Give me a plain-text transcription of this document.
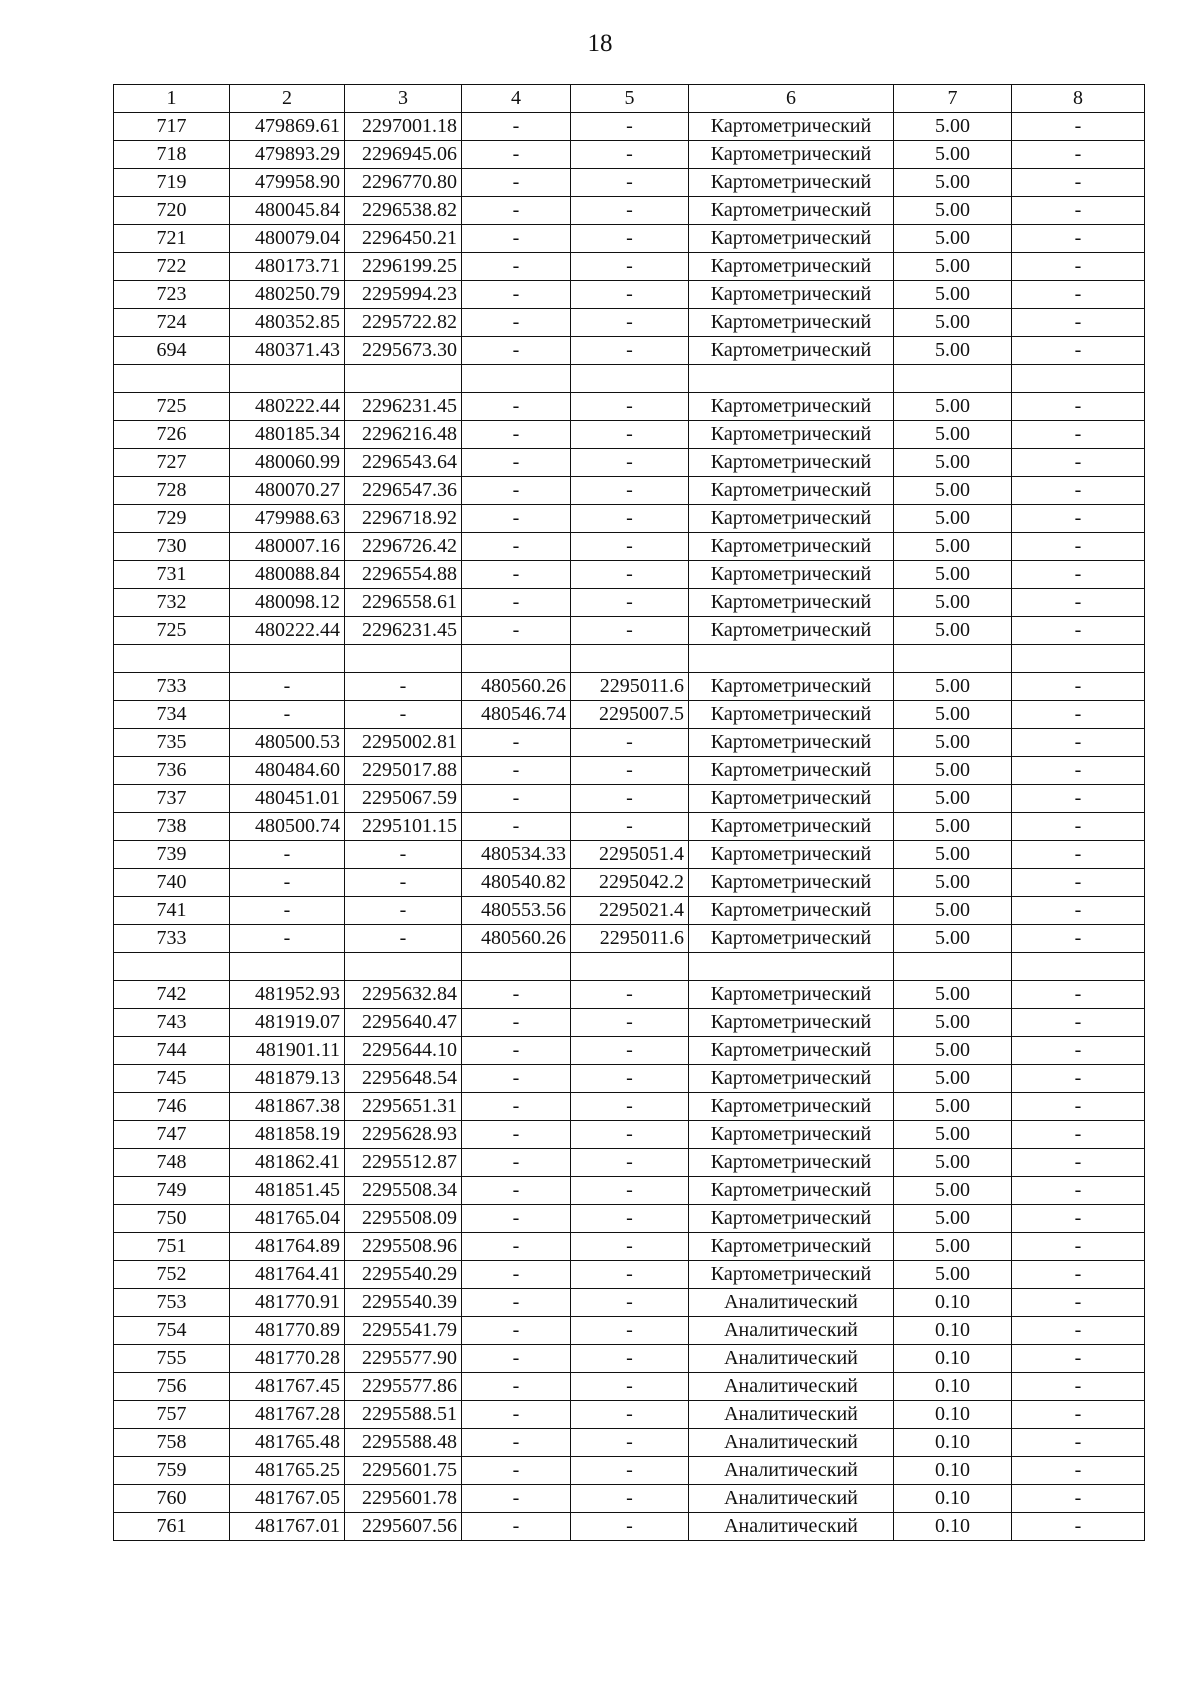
18
1	2	3	4	5	6	7	8
717	479869.61	2297001.18	-	-	Картометрический	5.00	-
718	479893.29	2296945.06	-	-	Картометрический	5.00	-
719	479958.90	2296770.80	-	-	Картометрический	5.00	-
720	480045.84	2296538.82	-	-	Картометрический	5.00	-
721	480079.04	2296450.21	-	-	Картометрический	5.00	-
722	480173.71	2296199.25	-	-	Картометрический	5.00	-
723	480250.79	2295994.23	-	-	Картометрический	5.00	-
724	480352.85	2295722.82	-	-	Картометрический	5.00	-
694	480371.43	2295673.30	-	-	Картометрический	5.00	-

725	480222.44	2296231.45	-	-	Картометрический	5.00	-
726	480185.34	2296216.48	-	-	Картометрический	5.00	-
727	480060.99	2296543.64	-	-	Картометрический	5.00	-
728	480070.27	2296547.36	-	-	Картометрический	5.00	-
729	479988.63	2296718.92	-	-	Картометрический	5.00	-
730	480007.16	2296726.42	-	-	Картометрический	5.00	-
731	480088.84	2296554.88	-	-	Картометрический	5.00	-
732	480098.12	2296558.61	-	-	Картометрический	5.00	-
725	480222.44	2296231.45	-	-	Картометрический	5.00	-

733	-	-	480560.26	2295011.6	Картометрический	5.00	-
734	-	-	480546.74	2295007.5	Картометрический	5.00	-
735	480500.53	2295002.81	-	-	Картометрический	5.00	-
736	480484.60	2295017.88	-	-	Картометрический	5.00	-
737	480451.01	2295067.59	-	-	Картометрический	5.00	-
738	480500.74	2295101.15	-	-	Картометрический	5.00	-
739	-	-	480534.33	2295051.4	Картометрический	5.00	-
740	-	-	480540.82	2295042.2	Картометрический	5.00	-
741	-	-	480553.56	2295021.4	Картометрический	5.00	-
733	-	-	480560.26	2295011.6	Картометрический	5.00	-

742	481952.93	2295632.84	-	-	Картометрический	5.00	-
743	481919.07	2295640.47	-	-	Картометрический	5.00	-
744	481901.11	2295644.10	-	-	Картометрический	5.00	-
745	481879.13	2295648.54	-	-	Картометрический	5.00	-
746	481867.38	2295651.31	-	-	Картометрический	5.00	-
747	481858.19	2295628.93	-	-	Картометрический	5.00	-
748	481862.41	2295512.87	-	-	Картометрический	5.00	-
749	481851.45	2295508.34	-	-	Картометрический	5.00	-
750	481765.04	2295508.09	-	-	Картометрический	5.00	-
751	481764.89	2295508.96	-	-	Картометрический	5.00	-
752	481764.41	2295540.29	-	-	Картометрический	5.00	-
753	481770.91	2295540.39	-	-	Аналитический	0.10	-
754	481770.89	2295541.79	-	-	Аналитический	0.10	-
755	481770.28	2295577.90	-	-	Аналитический	0.10	-
756	481767.45	2295577.86	-	-	Аналитический	0.10	-
757	481767.28	2295588.51	-	-	Аналитический	0.10	-
758	481765.48	2295588.48	-	-	Аналитический	0.10	-
759	481765.25	2295601.75	-	-	Аналитический	0.10	-
760	481767.05	2295601.78	-	-	Аналитический	0.10	-
761	481767.01	2295607.56	-	-	Аналитический	0.10	-
